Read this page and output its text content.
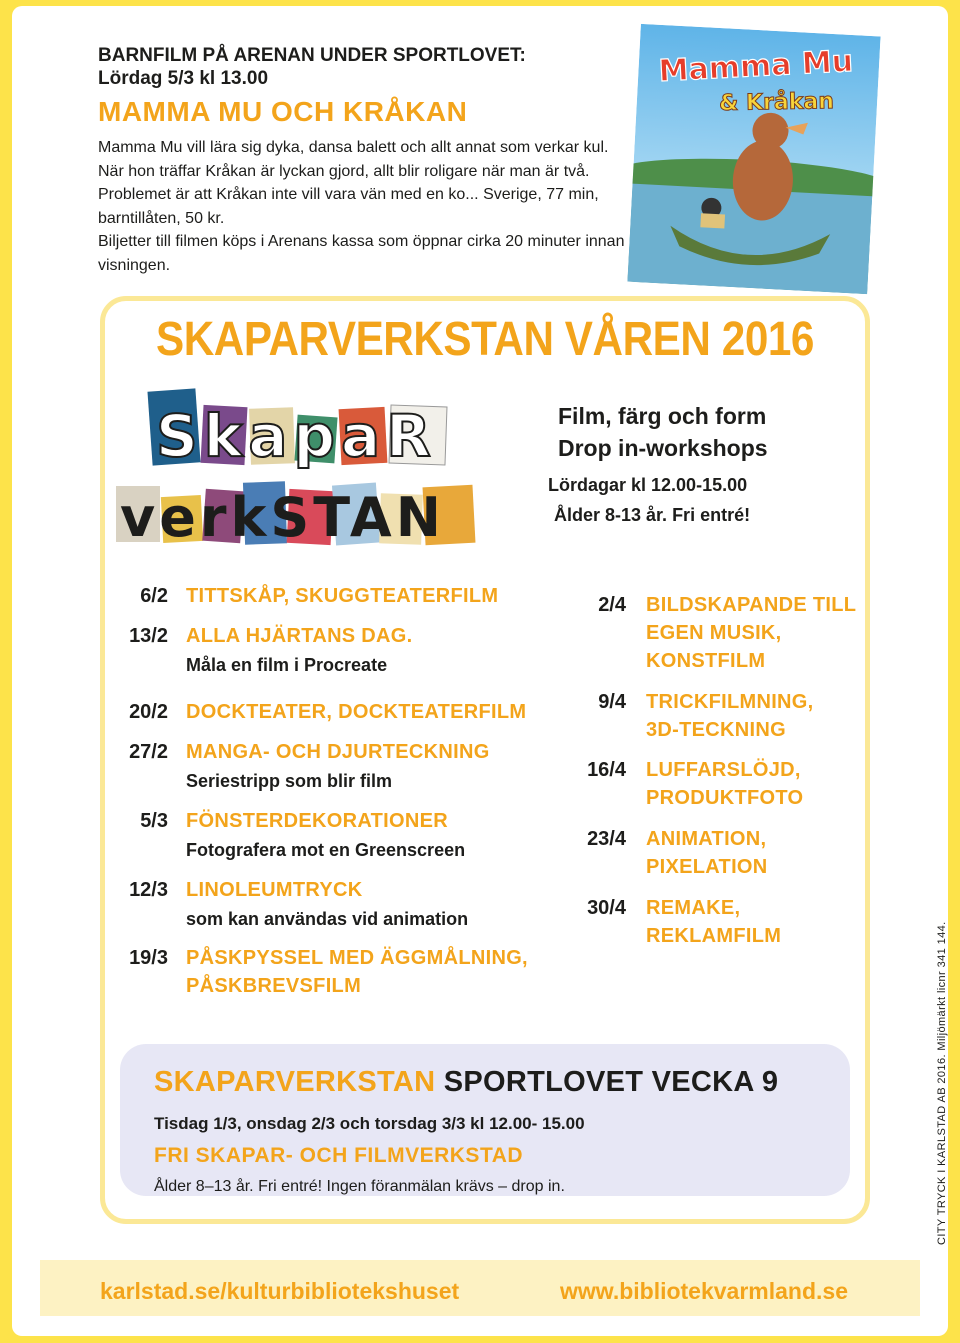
BARNFILM PÅ ARENAN UNDER SPORTLOVET:
Lördag 5/3 kl 13.00
MAMMA MU OCH KRÅKAN

Mamma Mu vill lära sig dyka, dansa balett och allt annat som verkar kul. När hon träffar Kråkan är lyckan gjord, allt blir roligare när man är två. Problemet är att Kråkan inte vill vara vän med en ko... Sverige, 77 min, barntillåten, 50 kr.

Biljetter till filmen köps i Arenans kassa som öppnar cirka 20 minuter innan visningen.

Mamma Mu
& Kråkan
SKAPARVERKSTAN VÅREN 2016
SkapaR
verkSTAN
Film, färg och form
Drop in-workshops
Lördagar kl 12.00-15.00
Ålder 8-13 år. Fri entré!
6/2 TITTSKÅP, SKUGGTEATERFILM
13/2 ALLA HJÄRTANS DAG.
Måla en film i Procreate
20/2 DOCKTEATER, DOCKTEATERFILM
27/2 MANGA- OCH DJURTECKNING
Seriestripp som blir film
5/3 FÖNSTERDEKORATIONER
Fotografera mot en Greenscreen
12/3 LINOLEUMTRYCK
som kan användas vid animation
19/3 PÅSKPYSSEL MED ÄGGMÅLNING, PÅSKBREVSFILM
2/4 BILDSKAPANDE TILL EGEN MUSIK, KONSTFILM
9/4 TRICKFILMNING, 3D-TECKNING
16/4 LUFFARSLÖJD, PRODUKTFOTO
23/4 ANIMATION, PIXELATION
30/4 REMAKE, REKLAMFILM
SKAPARVERKSTAN SPORTLOVET VECKA 9
Tisdag 1/3, onsdag 2/3 och torsdag 3/3 kl 12.00- 15.00
FRI SKAPAR- OCH FILMVERKSTAD
Ålder 8–13 år. Fri entré! Ingen föranmälan krävs – drop in.
karlstad.se/kulturbibliotekshuset	www.bibliotekvarmland.se
CITY TRYCK I KARLSTAD AB 2016. Miljömärkt licnr 341 144.
